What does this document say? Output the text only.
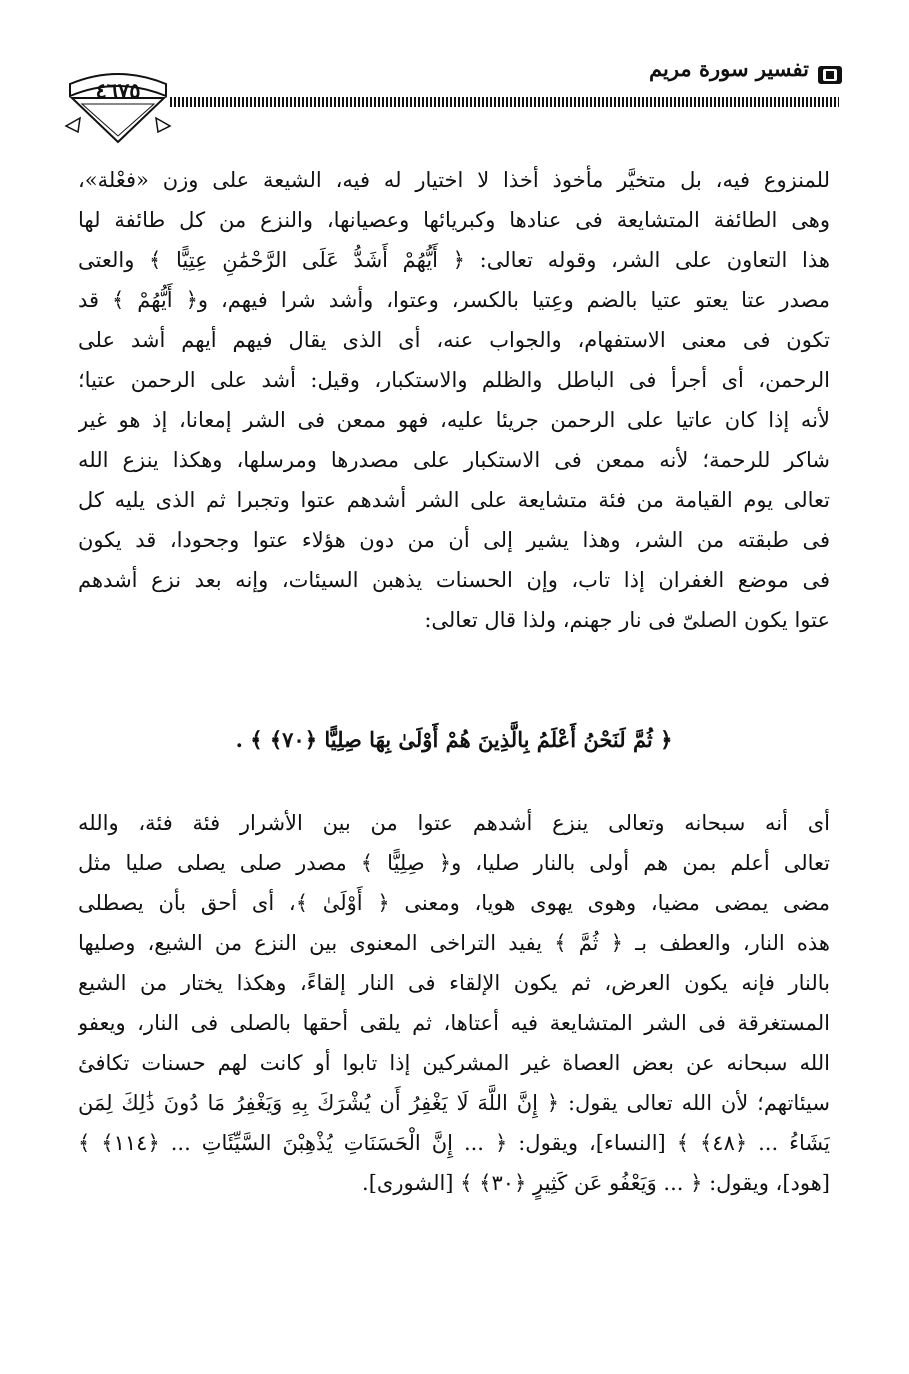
تفسير سورة مريم
٤٦٧٥
للمنزوع فيه، بل متخيَّر مأخوذ أخذا لا اختيار له فيه، الشيعة على وزن «فعْلة»،
وهى الطائفة المتشايعة فى عنادها وكبريائها وعصيانها، والنزع من كل طائفة لها
هذا التعاون على الشر، وقوله تعالى: ﴿ أَيُّهُمْ أَشَدُّ عَلَى الرَّحْمَٰنِ عِتِيًّا ﴾ والعتى
مصدر عتا يعتو عتيا بالضم وعِتيا بالكسر، وعتوا، وأشد شرا فيهم، و﴿ أَيُّهُمْ ﴾ قد
تكون فى معنى الاستفهام، والجواب عنه، أى الذى يقال فيهم أيهم أشد على
الرحمن، أى أجرأ فى الباطل والظلم والاستكبار، وقيل: أشد على الرحمن عتيا؛
لأنه إذا كان عاتيا على الرحمن جريئا عليه، فهو ممعن فى الشر إمعانا، إذ هو غير
شاكر للرحمة؛ لأنه ممعن فى الاستكبار على مصدرها ومرسلها، وهكذا ينزع الله
تعالى يوم القيامة من فئة متشايعة على الشر أشدهم عتوا وتجبرا ثم الذى يليه كل
فى طبقته من الشر، وهذا يشير إلى أن من دون هؤلاء عتوا وجحودا، قد يكون
فى موضع الغفران إذا تاب، وإن الحسنات يذهبن السيئات، وإنه بعد نزع أشدهم
عتوا يكون الصلىّ فى نار جهنم، ولذا قال تعالى:
﴿ ثُمَّ لَنَحْنُ أَعْلَمُ بِالَّذِينَ هُمْ أَوْلَىٰ بِهَا صِلِيًّا ﴿٧٠﴾ ﴾ .
أى أنه سبحانه وتعالى ينزع أشدهم عتوا من بين الأشرار فئة فئة، والله
تعالى أعلم بمن هم أولى بالنار صليا، و﴿ صِلِيًّا ﴾ مصدر صلى يصلى صليا مثل
مضى يمضى مضيا، وهوى يهوى هويا، ومعنى ﴿ أَوْلَىٰ ﴾، أى أحق بأن يصطلى
هذه النار، والعطف بـ ﴿ ثُمَّ ﴾ يفيد التراخى المعنوى بين النزع من الشيع، وصليها
بالنار فإنه يكون العرض، ثم يكون الإلقاء فى النار إلقاءً، وهكذا يختار من الشيع
المستغرقة فى الشر المتشايعة فيه أعتاها، ثم يلقى أحقها بالصلى فى النار، ويعفو
الله سبحانه عن بعض العصاة غير المشركين إذا تابوا أو كانت لهم حسنات تكافئ
سيئاتهم؛ لأن الله تعالى يقول: ﴿ إِنَّ اللَّهَ لَا يَغْفِرُ أَن يُشْرَكَ بِهِ وَيَغْفِرُ مَا دُونَ ذَٰلِكَ لِمَن
يَشَاءُ ... ﴿٤٨﴾ ﴾ [النساء]، ويقول: ﴿ ... إِنَّ الْحَسَنَاتِ يُذْهِبْنَ السَّيِّئَاتِ ... ﴿١١٤﴾ ﴾
[هود]، ويقول: ﴿ ... وَيَعْفُو عَن كَثِيرٍ ﴿٣٠﴾ ﴾ [الشورى].
